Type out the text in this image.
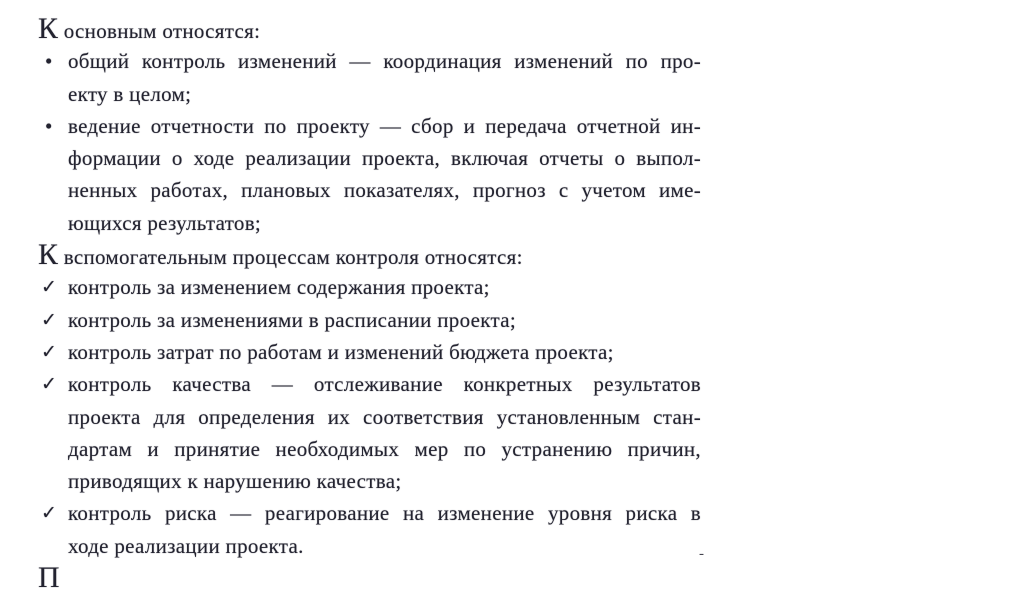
К основным относятся:
• общий контроль изменений — координация изменений по про-
екту в целом;
• ведение отчетности по проекту — сбор и передача отчетной ин-
формации о ходе реализации проекта, включая отчеты о выпол-
ненных работах, плановых показателях, прогноз с учетом име-
ющихся результатов;
К вспомогательным процессам контроля относятся:
✓ контроль за изменением содержания проекта;
✓ контроль за изменениями в расписании проекта;
✓ контроль затрат по работам и изменений бюджета проекта;
✓ контроль качества — отслеживание конкретных результатов
проекта для определения их соответствия установленным стан-
дартам и принятие необходимых мер по устранению причин,
приводящих к нарушению качества;
✓ контроль риска — реагирование на изменение уровня риска в
ходе реализации проекта.
П
-
